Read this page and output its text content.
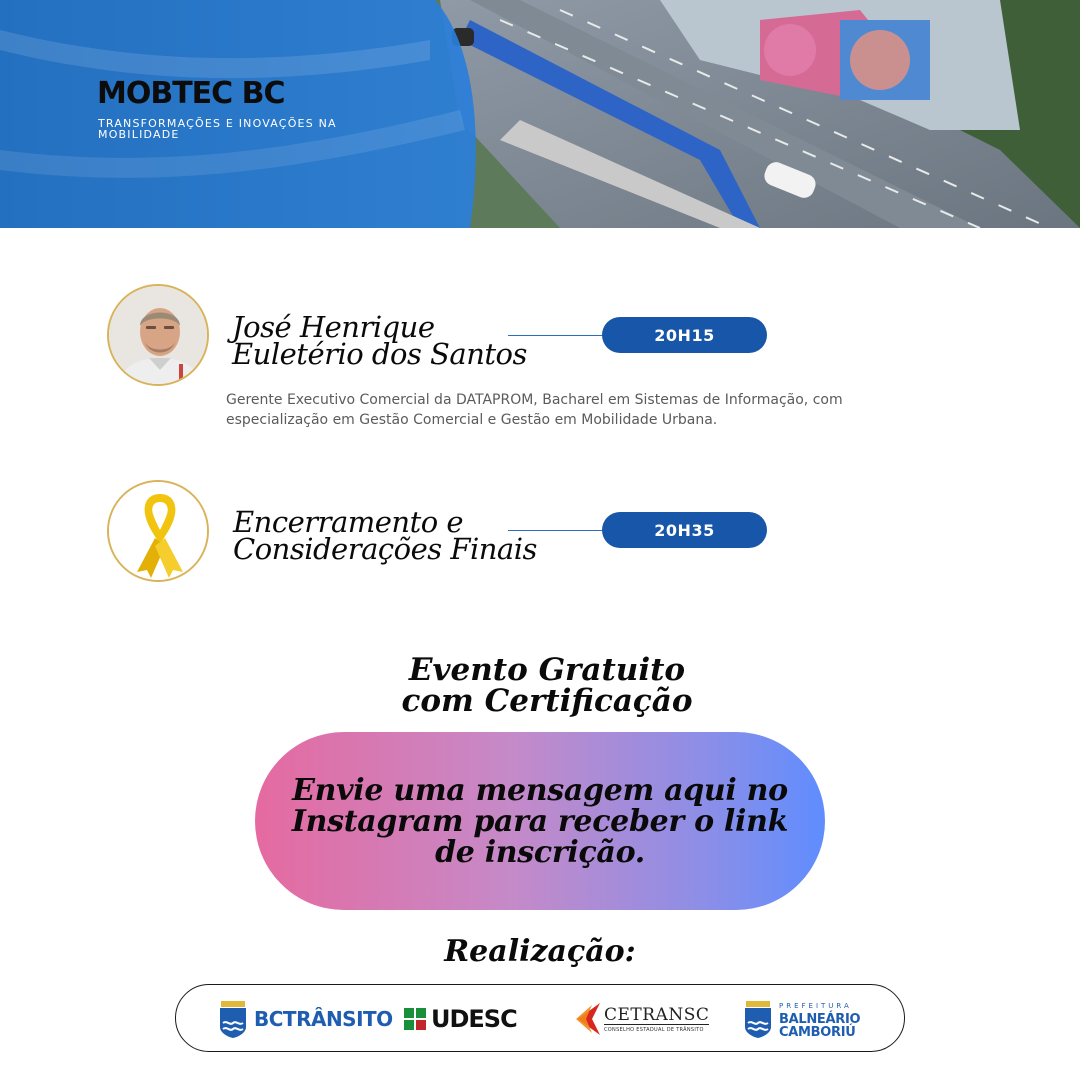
MOBTEC BC
TRANSFORMAÇÕES E INOVAÇÕES NA MOBILIDADE
José Henrique
Euletério dos Santos
20H15
Gerente Executivo Comercial da DATAPROM, Bacharel em Sistemas de Informação, com especialização em Gestão Comercial e Gestão em Mobilidade Urbana.
Encerramento e
Considerações Finais
20H35
Evento Gratuito
com Certificação
Envie uma mensagem aqui no Instagram para receber o link de inscrição.
Realização:
BCTRÂNSITO UDESC	CETRANSC
CONSELHO ESTADUAL DE TRÂNSITO
PREFEITURA
BALNEÁRIO
CAMBORIÚ
